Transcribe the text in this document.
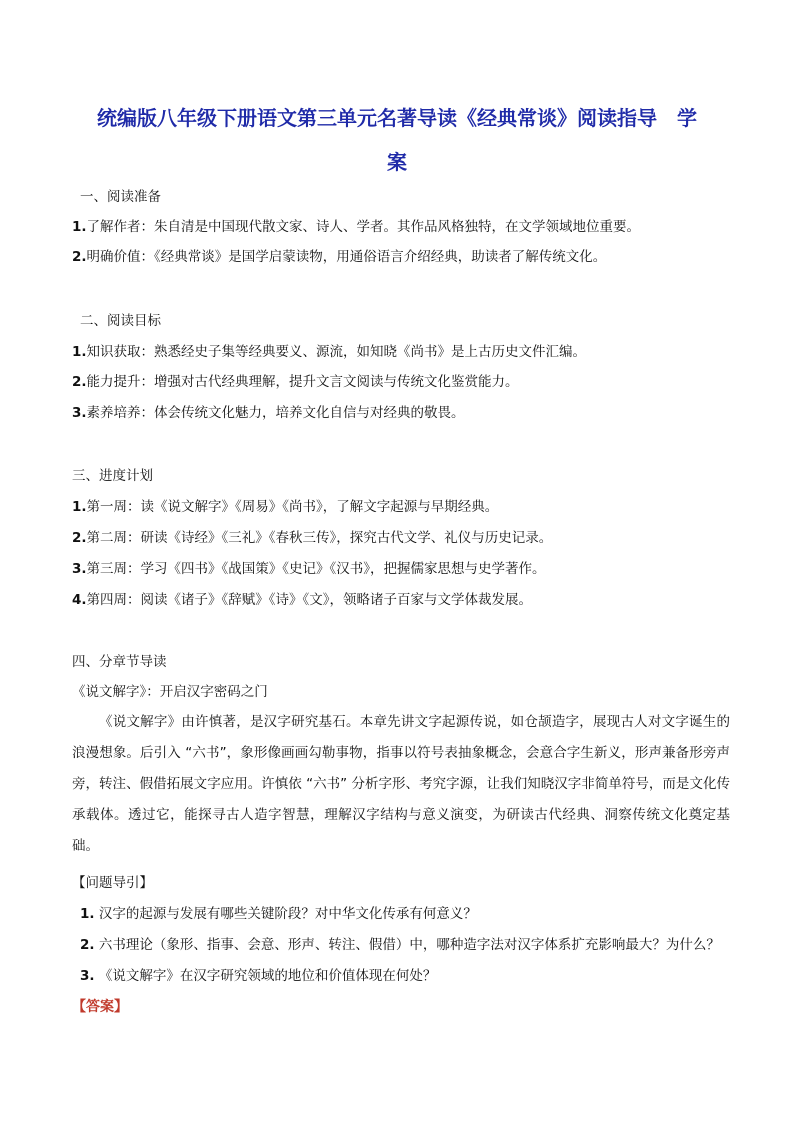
统编版八年级下册语文第三单元名著导读《经典常谈》阅读指导　学
案
一、阅读准备
1.了解作者：朱自清是中国现代散文家、诗人、学者。其作品风格独特，在文学领域地位重要。
2.明确价值：《经典常谈》是国学启蒙读物，用通俗语言介绍经典，助读者了解传统文化。
二、阅读目标
1.知识获取：熟悉经史子集等经典要义、源流，如知晓《尚书》是上古历史文件汇编。
2.能力提升：增强对古代经典理解，提升文言文阅读与传统文化鉴赏能力。
3.素养培养：体会传统文化魅力，培养文化自信与对经典的敬畏。
三、进度计划
1.第一周：读《说文解字》《周易》《尚书》，了解文字起源与早期经典。
2.第二周：研读《诗经》《三礼》《春秋三传》，探究古代文学、礼仪与历史记录。
3.第三周：学习《四书》《战国策》《史记》《汉书》，把握儒家思想与史学著作。
4.第四周：阅读《诸子》《辞赋》《诗》《文》，领略诸子百家与文学体裁发展。
四、分章节导读
《说文解字》：开启汉字密码之门
《说文解字》由许慎著，是汉字研究基石。本章先讲文字起源传说，如仓颉造字，展现古人对文字诞生的浪漫想象。后引入 “六书”，象形像画画勾勒事物，指事以符号表抽象概念，会意合字生新义，形声兼备形旁声旁，转注、假借拓展文字应用。许慎依 “六书” 分析字形、考究字源，让我们知晓汉字非简单符号，而是文化传承载体。透过它，能探寻古人造字智慧，理解汉字结构与意义演变，为研读古代经典、洞察传统文化奠定基础。
【问题导引】
1. 汉字的起源与发展有哪些关键阶段？对中华文化传承有何意义？
2. 六书理论（象形、指事、会意、形声、转注、假借）中，哪种造字法对汉字体系扩充影响最大？为什么？
3. 《说文解字》在汉字研究领域的地位和价值体现在何处？
【答案】
